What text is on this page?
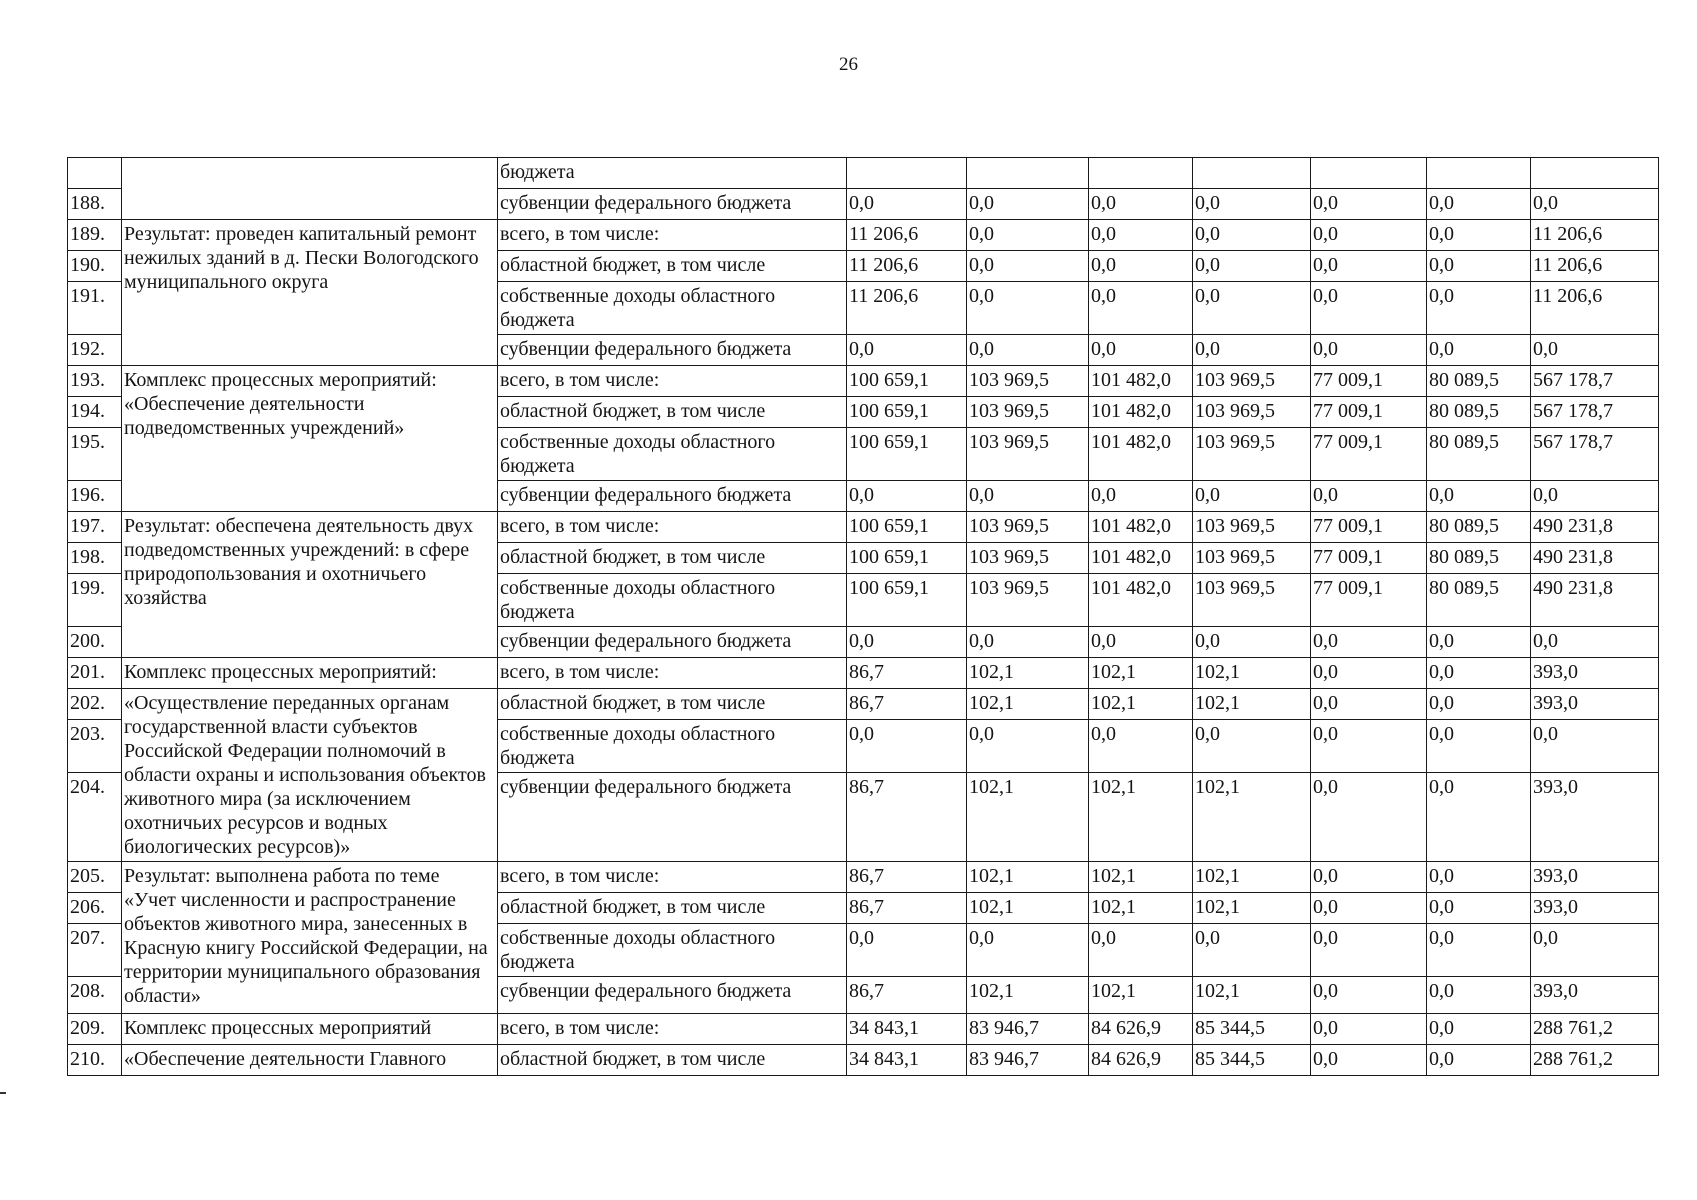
26
		бюджета							
188.		субвенции федерального бюджета	0,0	0,0	0,0	0,0	0,0	0,0	0,0
189.	Результат: проведен капитальный ремонт нежилых зданий в д. Пески Вологодского муниципального округа	всего, в том числе:	11 206,6	0,0	0,0	0,0	0,0	0,0	11 206,6
190.		областной бюджет, в том числе	11 206,6	0,0	0,0	0,0	0,0	0,0	11 206,6
191.		собственные доходы областного бюджета	11 206,6	0,0	0,0	0,0	0,0	0,0	11 206,6
192.		субвенции федерального бюджета	0,0	0,0	0,0	0,0	0,0	0,0	0,0
193.	Комплекс процессных мероприятий: «Обеспечение деятельности подведомственных учреждений»	всего, в том числе:	100 659,1	103 969,5	101 482,0	103 969,5	77 009,1	80 089,5	567 178,7
194.		областной бюджет, в том числе	100 659,1	103 969,5	101 482,0	103 969,5	77 009,1	80 089,5	567 178,7
195.		собственные доходы областного бюджета	100 659,1	103 969,5	101 482,0	103 969,5	77 009,1	80 089,5	567 178,7
196.		субвенции федерального бюджета	0,0	0,0	0,0	0,0	0,0	0,0	0,0
197.	Результат: обеспечена деятельность двух подведомственных учреждений: в сфере природопользования и охотничьего хозяйства	всего, в том числе:	100 659,1	103 969,5	101 482,0	103 969,5	77 009,1	80 089,5	490 231,8
198.		областной бюджет, в том числе	100 659,1	103 969,5	101 482,0	103 969,5	77 009,1	80 089,5	490 231,8
199.		собственные доходы областного бюджета	100 659,1	103 969,5	101 482,0	103 969,5	77 009,1	80 089,5	490 231,8
200.		субвенции федерального бюджета	0,0	0,0	0,0	0,0	0,0	0,0	0,0
201.	Комплекс процессных мероприятий:	всего, в том числе:	86,7	102,1	102,1	102,1	0,0	0,0	393,0
202.	«Осуществление переданных органам государственной власти субъектов Российской Федерации полномочий в области охраны и использования объектов животного мира (за исключением охотничьих ресурсов и водных биологических ресурсов)»	областной бюджет, в том числе	86,7	102,1	102,1	102,1	0,0	0,0	393,0
203.		собственные доходы областного бюджета	0,0	0,0	0,0	0,0	0,0	0,0	0,0
204.		субвенции федерального бюджета	86,7	102,1	102,1	102,1	0,0	0,0	393,0
205.	Результат: выполнена работа по теме «Учет численности и распространение объектов животного мира, занесенных в Красную книгу Российской Федерации, на территории муниципального образования области»	всего, в том числе:	86,7	102,1	102,1	102,1	0,0	0,0	393,0
206.		областной бюджет, в том числе	86,7	102,1	102,1	102,1	0,0	0,0	393,0
207.		собственные доходы областного бюджета	0,0	0,0	0,0	0,0	0,0	0,0	0,0
208.		субвенции федерального бюджета	86,7	102,1	102,1	102,1	0,0	0,0	393,0
209.	Комплекс процессных мероприятий	всего, в том числе:	34 843,1	83 946,7	84 626,9	85 344,5	0,0	0,0	288 761,2
210.	«Обеспечение деятельности Главного	областной бюджет, в том числе	34 843,1	83 946,7	84 626,9	85 344,5	0,0	0,0	288 761,2
